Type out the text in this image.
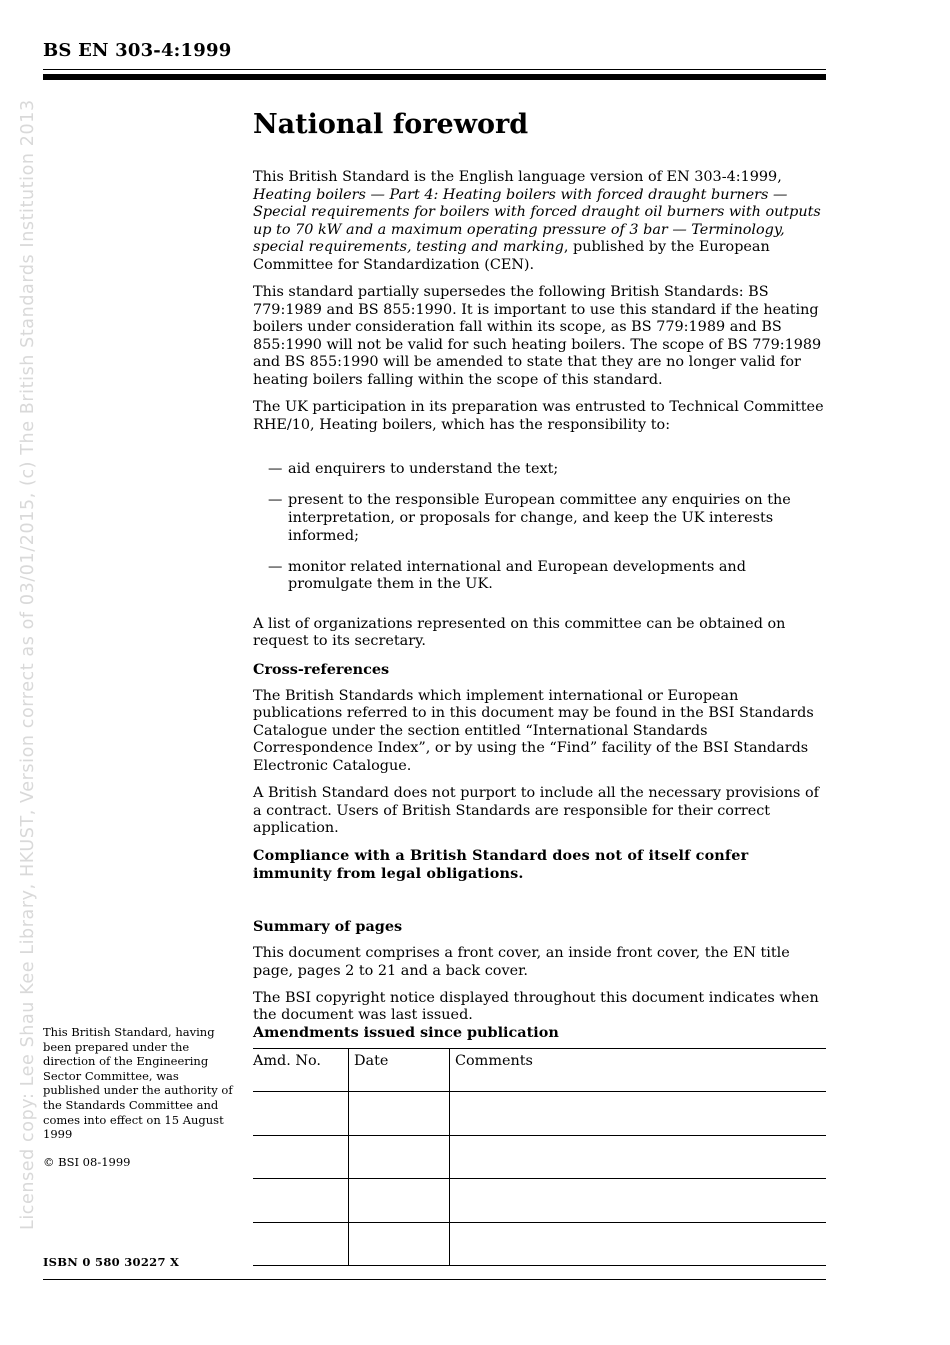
BS EN 303-4:1999
Licensed copy: Lee Shau Kee Library, HKUST, Version correct as of 03/01/2015, (c) The British Standards Institution 2013	National foreword

This British Standard is the English language version of EN 303-4:1999, Heating boilers — Part 4: Heating boilers with forced draught burners — Special requirements for boilers with forced draught oil burners with outputs up to 70 kW and a maximum operating pressure of 3 bar — Terminology, special requirements, testing and marking, published by the European Committee for Standardization (CEN).

This standard partially supersedes the following British Standards: BS 779:1989 and BS 855:1990. It is important to use this standard if the heating boilers under consideration fall within its scope, as BS 779:1989 and BS 855:1990 will not be valid for such heating boilers. The scope of BS 779:1989 and BS 855:1990 will be amended to state that they are no longer valid for heating boilers falling within the scope of this standard.

The UK participation in its preparation was entrusted to Technical Committee RHE/10, Heating boilers, which has the responsibility to:

— aid enquirers to understand the text;
— present to the responsible European committee any enquiries on the interpretation, or proposals for change, and keep the UK interests informed;
— monitor related international and European developments and promulgate them in the UK.

A list of organizations represented on this committee can be obtained on request to its secretary.

Cross-references

The British Standards which implement international or European publications referred to in this document may be found in the BSI Standards Catalogue under the section entitled “International Standards Correspondence Index”, or by using the “Find” facility of the BSI Standards Electronic Catalogue.

A British Standard does not purport to include all the necessary provisions of a contract. Users of British Standards are responsible for their correct application.

Compliance with a British Standard does not of itself confer immunity from legal obligations.

Summary of pages

This document comprises a front cover, an inside front cover, the EN title page, pages 2 to 21 and a back cover.

The BSI copyright notice displayed throughout this document indicates when the document was last issued.

This British Standard, having been prepared under the direction of the Engineering Sector Committee, was published under the authority of the Standards Committee and comes into effect on 15 August 1999
© BSI 08-1999
ISBN 0 580 30227 X
Amendments issued since publication
Amd. No.	Date	Comments
